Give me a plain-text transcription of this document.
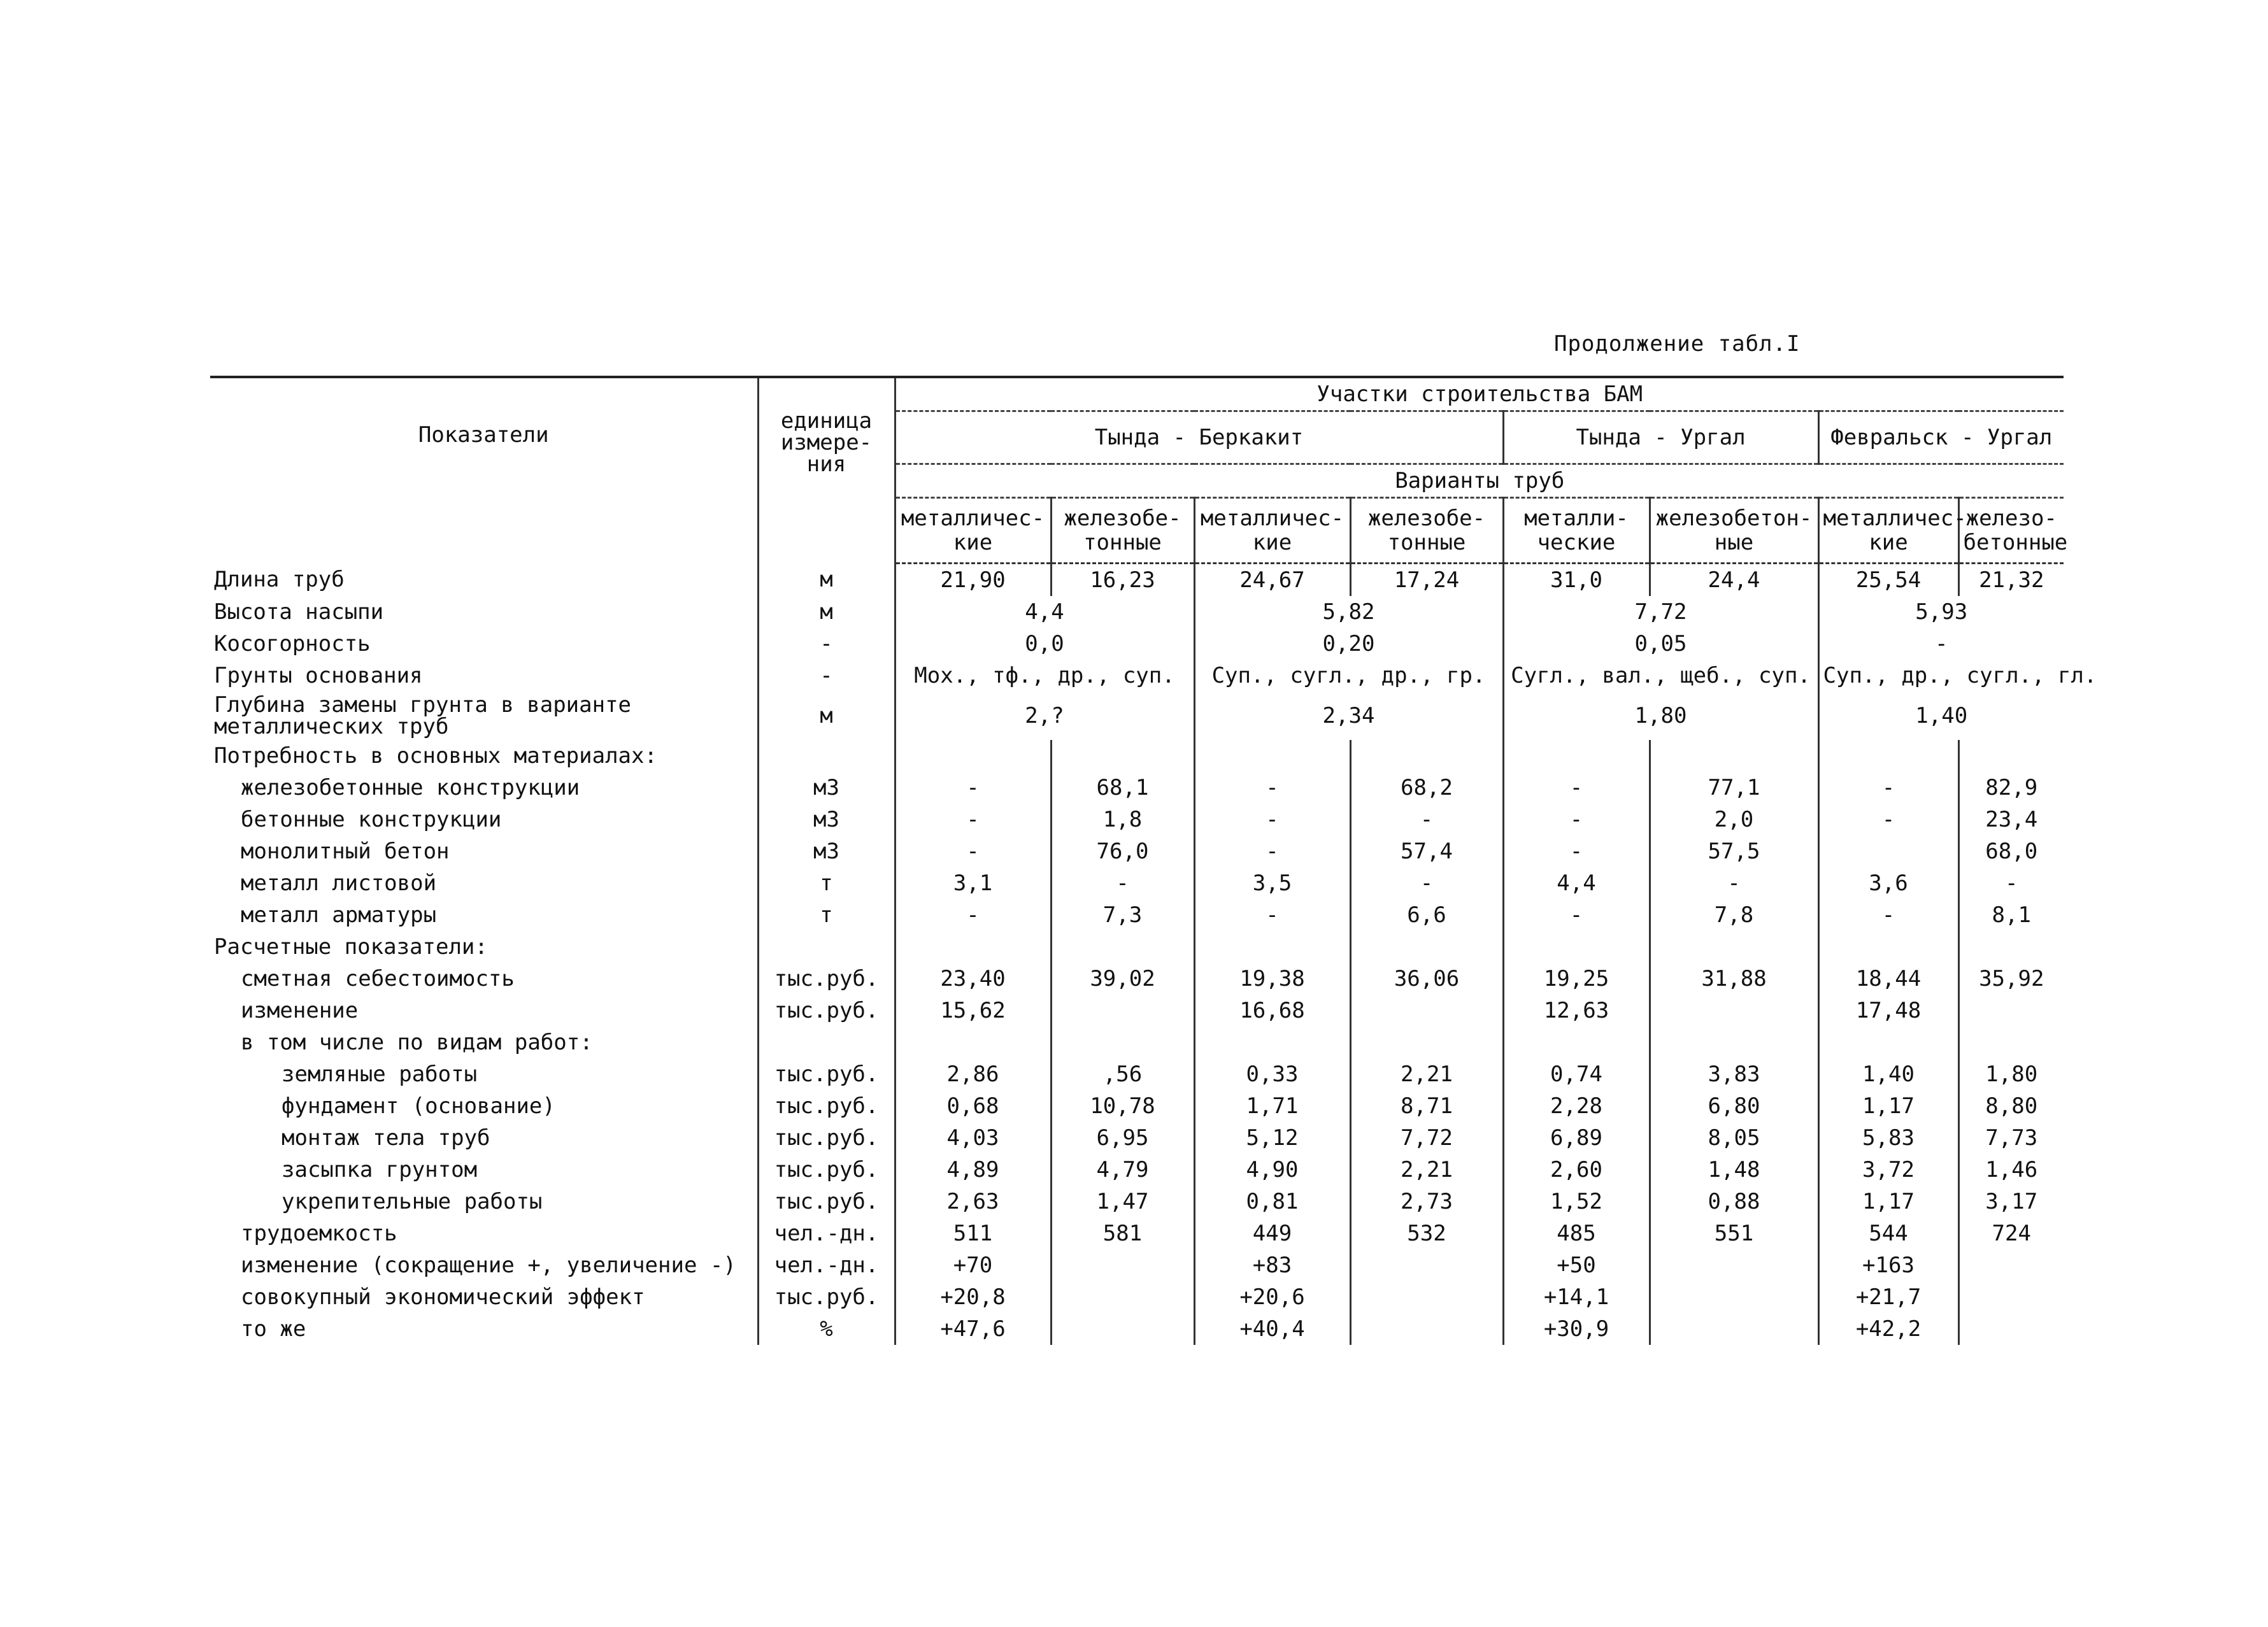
Продолжение табл.I
Показатели	единица измере- ния	Участки строительства БАМ							
		Тында - Беркакит				Тында - Ургал		Февральск - Ургал	
		Варианты труб							
		металличес- кие	железобе- тонные	металличес- кие	железобе- тонные	металли- ческие	железобетон- ные	металличес- кие	железо- бетонные
Длина труб	м	21,90	16,23	24,67	17,24	31,0	24,4	25,54	21,32
Высота насыпи	м	4,4		5,82		7,72		5,93	
Косогорность	-	0,0		0,20		0,05		-	
Грунты основания	-	Мох., тф., др., суп.		Суп., сугл., др., гр.		Сугл., вал., щеб., суп.		Суп., др., сугл., гл.	
Глубина замены грунта в варианте металлических труб	м	2,?		2,34		1,80		1,40	
Потребность в основных материалах:									
железобетонные конструкции	м3	-	68,1	-	68,2	-	77,1	-	82,9
бетонные конструкции	м3	-	1,8	-	-	-	2,0	-	23,4
монолитный бетон	м3	-	76,0	-	57,4	-	57,5		68,0
металл листовой	т	3,1	-	3,5	-	4,4	-	3,6	-
металл арматуры	т	-	7,3	-	6,6	-	7,8	-	8,1
Расчетные показатели:									
сметная себестоимость	тыс.руб.	23,40	39,02	19,38	36,06	19,25	31,88	18,44	35,92
изменение	тыс.руб.	15,62		16,68		12,63		17,48	
в том числе по видам работ:									
земляные работы	тыс.руб.	2,86	,56	0,33	2,21	0,74	3,83	1,40	1,80
фундамент (основание)	тыс.руб.	0,68	10,78	1,71	8,71	2,28	6,80	1,17	8,80
монтаж тела труб	тыс.руб.	4,03	6,95	5,12	7,72	6,89	8,05	5,83	7,73
засыпка грунтом	тыс.руб.	4,89	4,79	4,90	2,21	2,60	1,48	3,72	1,46
укрепительные работы	тыс.руб.	2,63	1,47	0,81	2,73	1,52	0,88	1,17	3,17
трудоемкость	чел.-дн.	511	581	449	532	485	551	544	724
изменение (сокращение +, увеличение -)	чел.-дн.	+70		+83		+50		+163	
совокупный экономический эффект	тыс.руб.	+20,8		+20,6		+14,1		+21,7	
то же	%	+47,6		+40,4		+30,9		+42,2	
